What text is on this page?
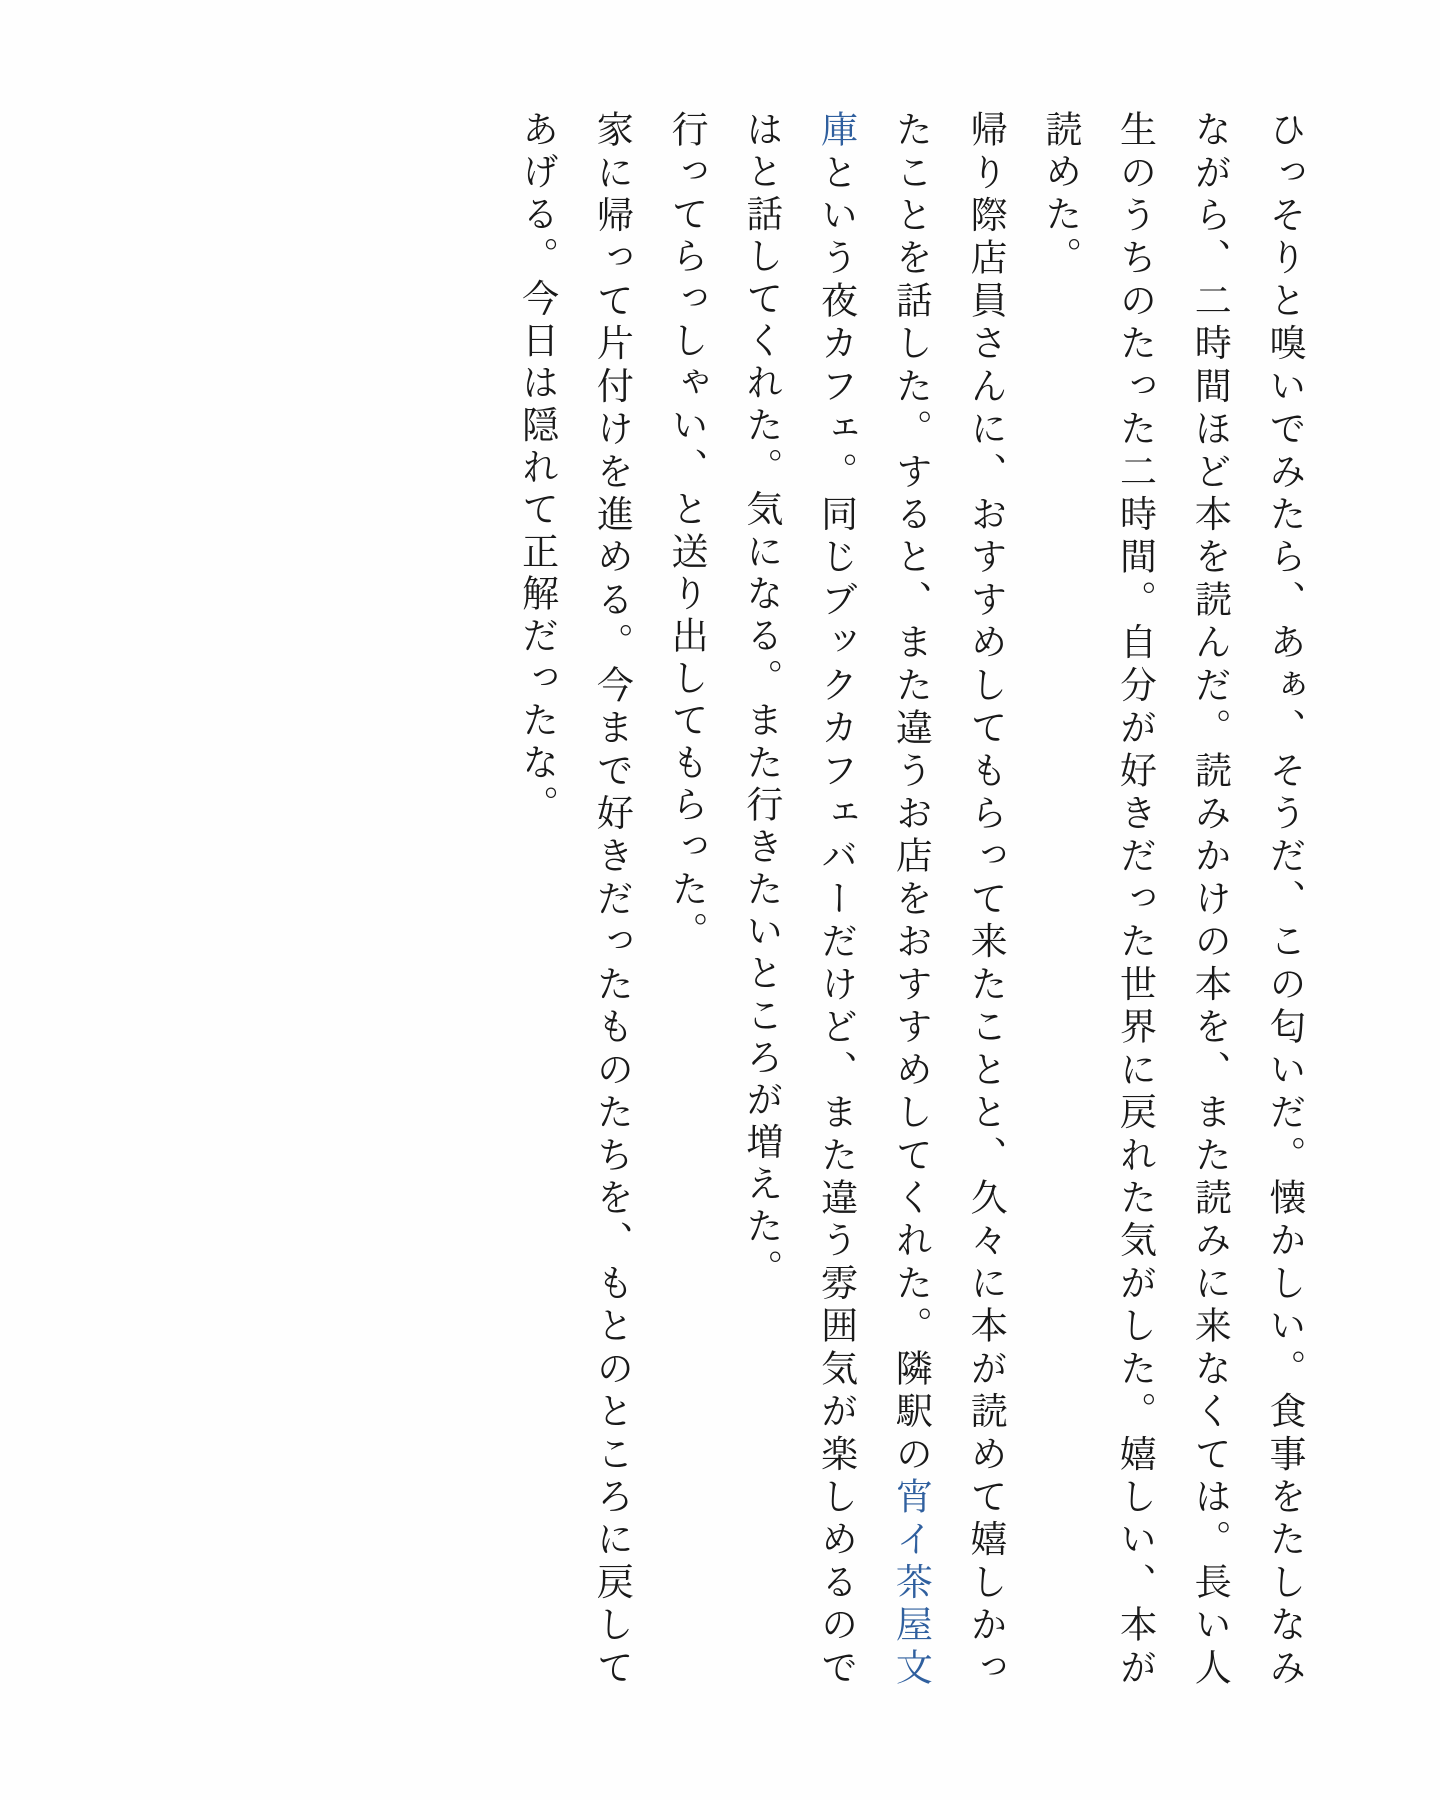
ひっそりと嗅いでみたら、あぁ、そうだ、この匂いだ。懐かしい。食事をたしなみながら、二時間ほど本を読んだ。読みかけの本を、また読みに来なくては。長い人生のうちのたった二時間。自分が好きだった世界に戻れた気がした。嬉しい、本が読めた。

帰り際店員さんに、おすすめしてもらって来たことと、久々に本が読めて嬉しかったことを話した。すると、また違うお店をおすすめしてくれた。隣駅の宵イ茶屋文庫という夜カフェ。同じブックカフェバーだけど、また違う雰囲気が楽しめるのではと話してくれた。気になる。また行きたいところが増えた。

行ってらっしゃい、と送り出してもらった。

家に帰って片付けを進める。今まで好きだったものたちを、もとのところに戻してあげる。今日は隠れて正解だったな。
